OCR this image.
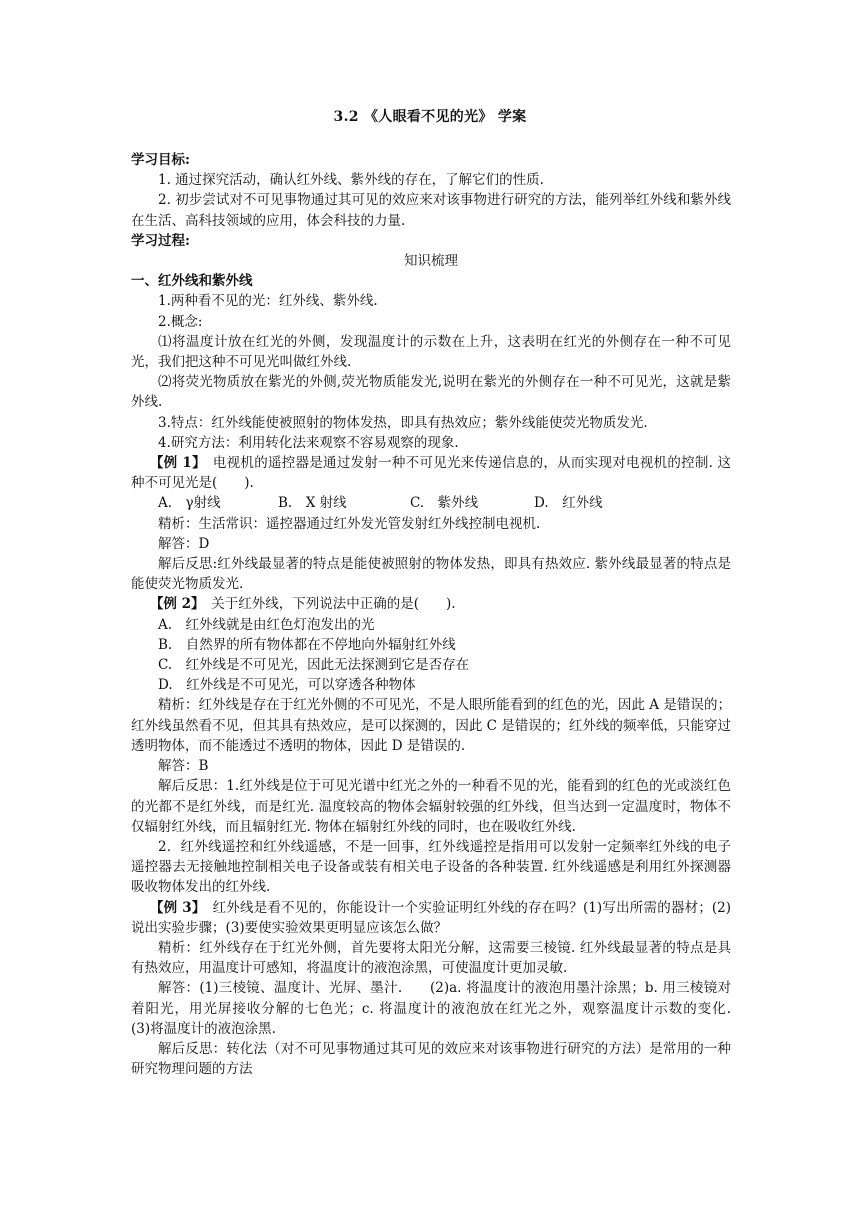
3.2 《人眼看不见的光》 学案

学习目标:

1. 通过探究活动，确认红外线、紫外线的存在，了解它们的性质.

2. 初步尝试对不可见事物通过其可见的效应来对该事物进行研究的方法，能列举红外线和紫外线在生活、高科技领域的应用，体会科技的力量.

学习过程:

知识梳理

一、红外线和紫外线

1.两种看不见的光：红外线、紫外线.

2.概念:

⑴将温度计放在红光的外侧，发现温度计的示数在上升，这表明在红光的外侧存在一种不可见光，我们把这种不可见光叫做红外线.

⑵将荧光物质放在紫光的外侧,荧光物质能发光,说明在紫光的外侧存在一种不可见光，这就是紫外线.

3.特点：红外线能使被照射的物体发热，即具有热效应；紫外线能使荧光物质发光.

4.研究方法：利用转化法来观察不容易观察的现象.

【例 1】　 电视机的遥控器是通过发射一种不可见光来传递信息的，从而实现对电视机的控制. 这种不可见光是(　　).

A.　γ射线	B.　X 射线	C.　紫外线	D.　红外线

精析：生活常识：遥控器通过红外发光管发射红外线控制电视机.

解答：D

解后反思:红外线最显著的特点是能使被照射的物体发热，即具有热效应. 紫外线最显著的特点是能使荧光物质发光.

【例 2】　 关于红外线，下列说法中正确的是(　　).

A.　红外线就是由红色灯泡发出的光

B.　自然界的所有物体都在不停地向外辐射红外线

C.　红外线是不可见光，因此无法探测到它是否存在

D.　红外线是不可见光，可以穿透各种物体

精析：红外线是存在于红光外侧的不可见光，不是人眼所能看到的红色的光，因此 A 是错误的；红外线虽然看不见，但其具有热效应，是可以探测的，因此 C 是错误的；红外线的频率低，只能穿过透明物体，而不能透过不透明的物体，因此 D 是错误的.

解答：B

解后反思：1.红外线是位于可见光谱中红光之外的一种看不见的光，能看到的红色的光或淡红色的光都不是红外线，而是红光. 温度较高的物体会辐射较强的红外线，但当达到一定温度时，物体不仅辐射红外线，而且辐射红光. 物体在辐射红外线的同时，也在吸收红外线.

2．红外线遥控和红外线遥感，不是一回事，红外线遥控是指用可以发射一定频率红外线的电子遥控器去无接触地控制相关电子设备或装有相关电子设备的各种装置. 红外线遥感是利用红外探测器吸收物体发出的红外线.

【例 3】　 红外线是看不见的，你能设计一个实验证明红外线的存在吗？(1)写出所需的器材；(2)说出实验步骤；(3)要使实验效果更明显应该怎么做？

精析：红外线存在于红光外侧，首先要将太阳光分解，这需要三棱镜. 红外线最显著的特点是具有热效应，用温度计可感知，将温度计的液泡涂黑，可使温度计更加灵敏.

解答：(1)三棱镜、温度计、光屏、墨汁.　　(2)a. 将温度计的液泡用墨汁涂黑；b. 用三棱镜对着阳光，用光屏接收分解的七色光；c. 将温度计的液泡放在红光之外，观察温度计示数的变化.　　(3)将温度计的液泡涂黑.

解后反思：转化法（对不可见事物通过其可见的效应来对该事物进行研究的方法）是常用的一种研究物理问题的方法
